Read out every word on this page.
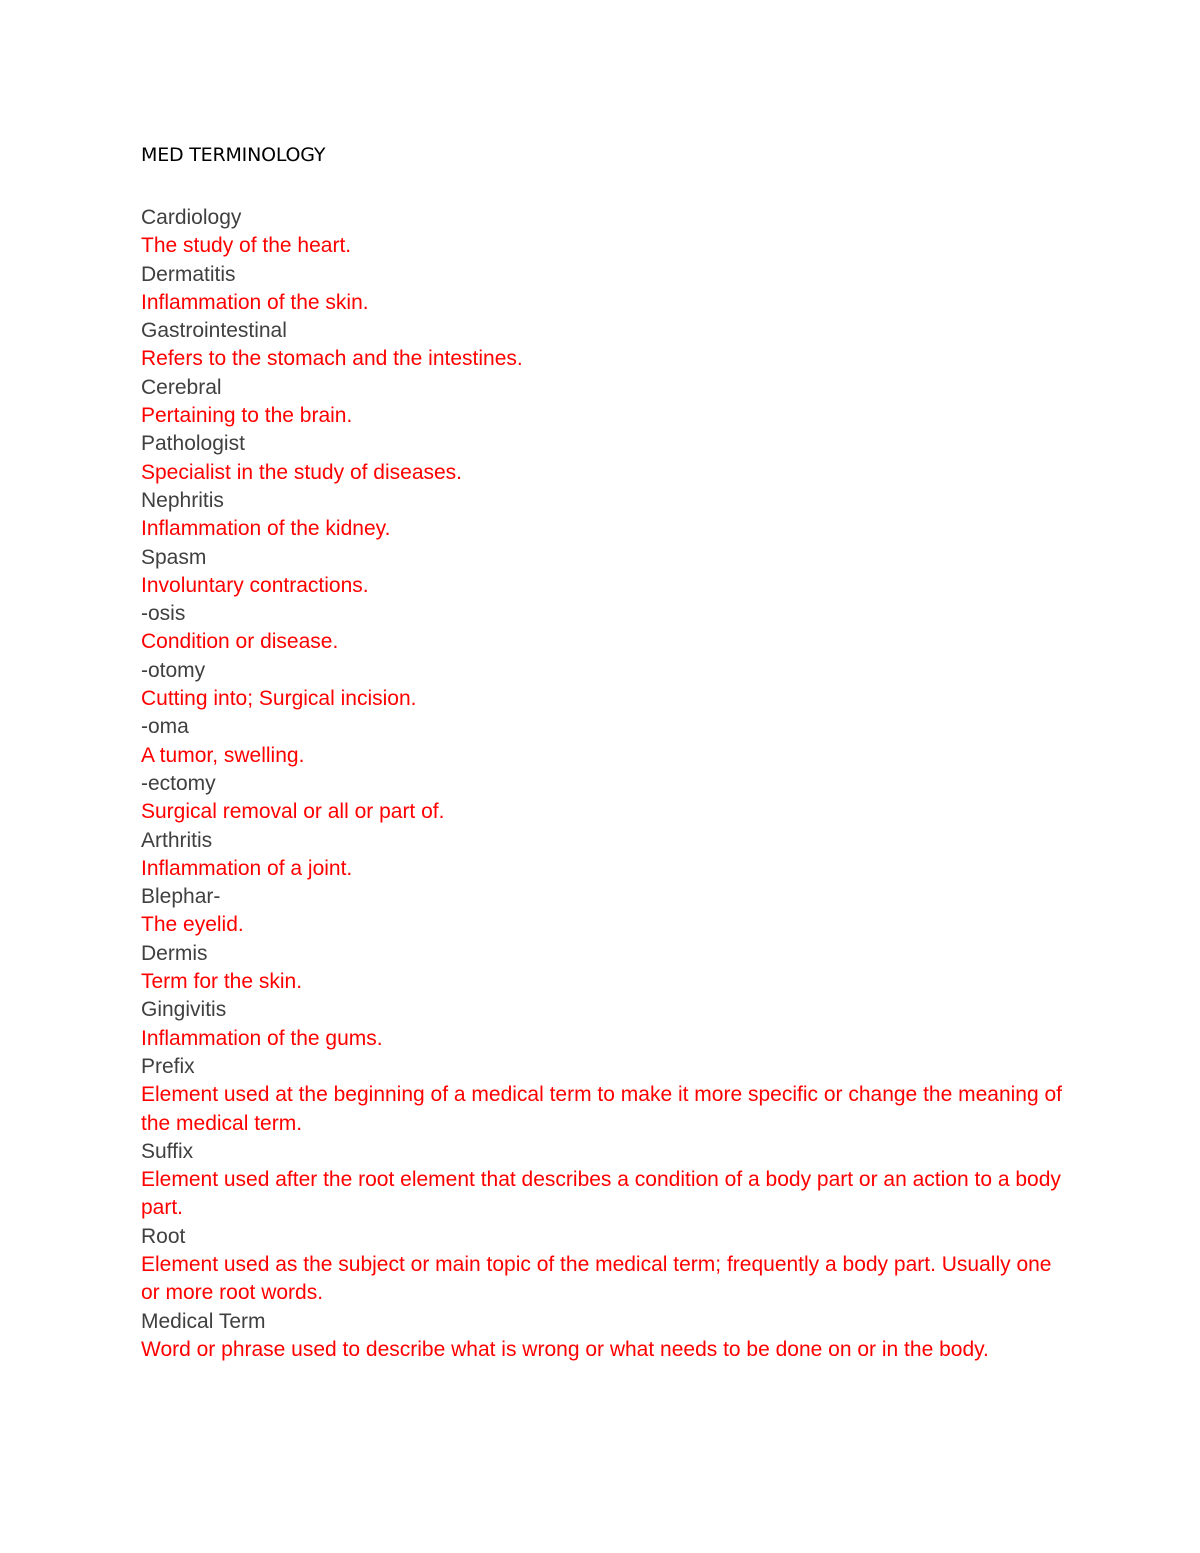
MED TERMINOLOGY
Cardiology
The study of the heart.
Dermatitis
Inflammation of the skin.
Gastrointestinal
Refers to the stomach and the intestines.
Cerebral
Pertaining to the brain.
Pathologist
Specialist in the study of diseases.
Nephritis
Inflammation of the kidney.
Spasm
Involuntary contractions.
-osis
Condition or disease.
-otomy
Cutting into; Surgical incision.
-oma
A tumor, swelling.
-ectomy
Surgical removal or all or part of.
Arthritis
Inflammation of a joint.
Blephar-
The eyelid.
Dermis
Term for the skin.
Gingivitis
Inflammation of the gums.
Prefix
Element used at the beginning of a medical term to make it more specific or change the meaning of the medical term.
Suffix
Element used after the root element that describes a condition of a body part or an action to a body part.
Root
Element used as the subject or main topic of the medical term; frequently a body part. Usually one or more root words.
Medical Term
Word or phrase used to describe what is wrong or what needs to be done on or in the body.
